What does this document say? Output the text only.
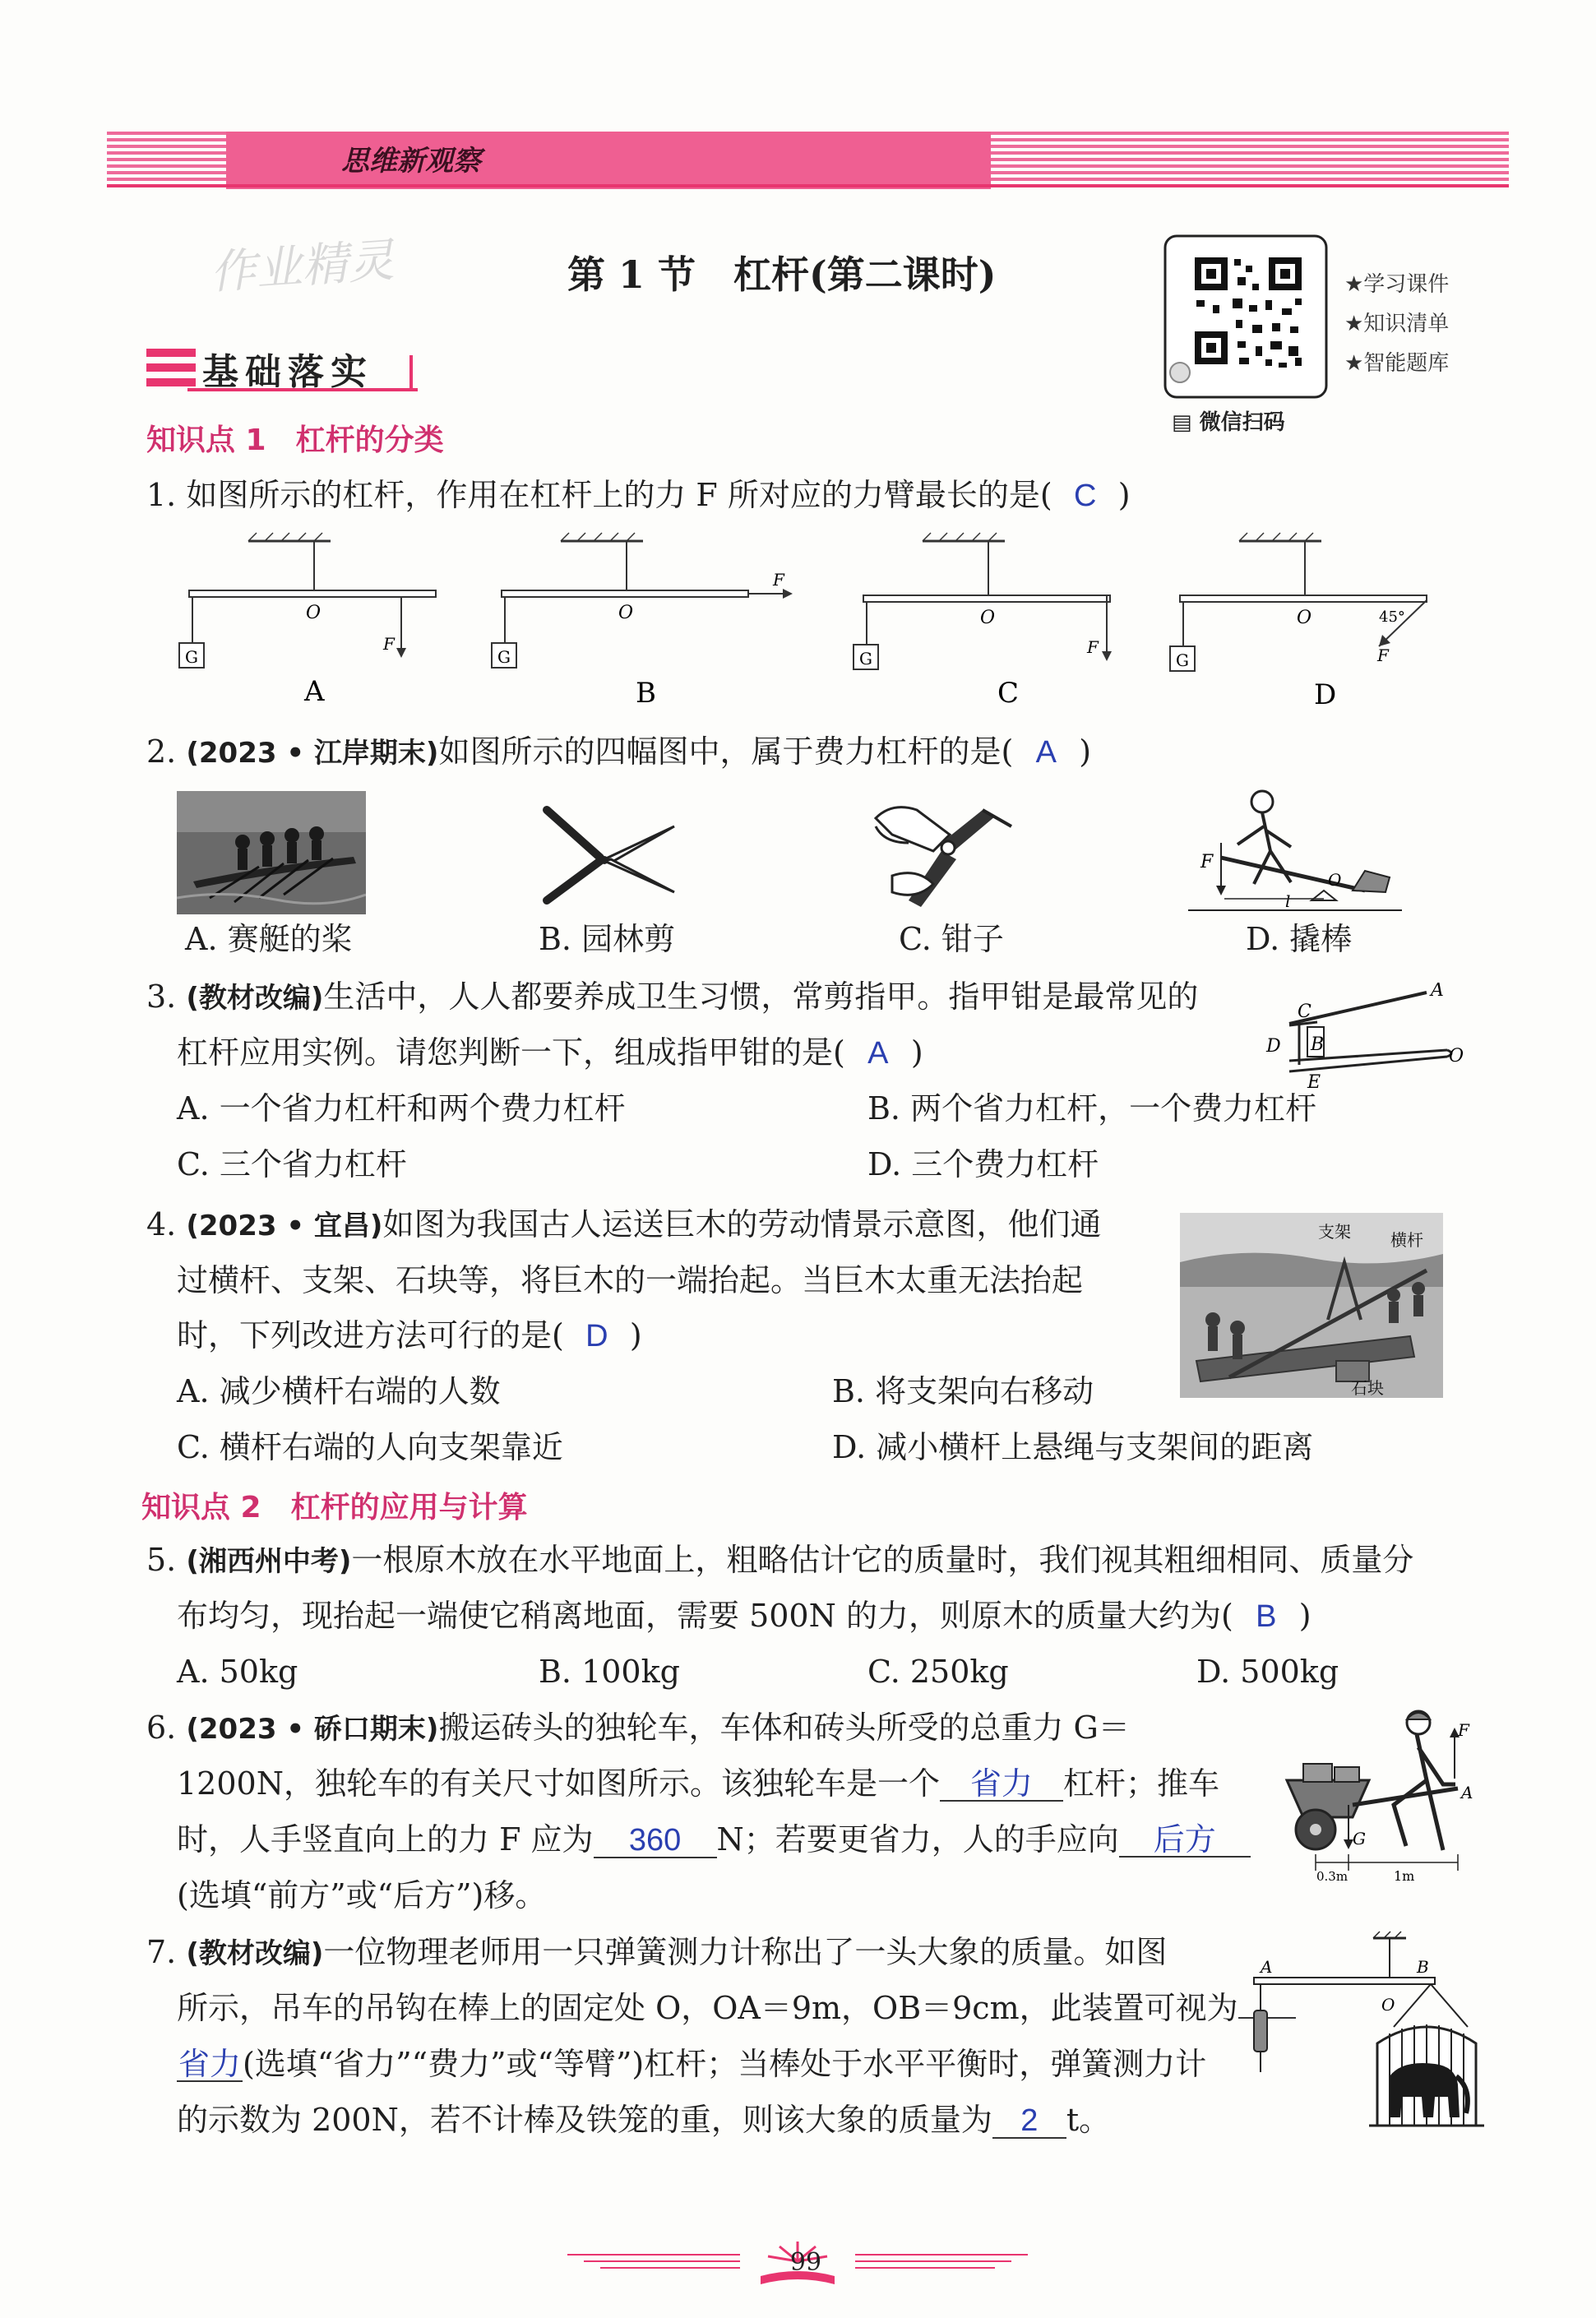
思维新观察
作业精灵	第 1 节　杠杆(第二课时)	★学习课件
★知识清单
★智能题库
▤ 微信扫码
基础落实
知识点 1　杠杆的分类
1. 如图所示的杠杆，作用在杠杆上的力 F 所对应的力臂最长的是( C )
O
G
F
O
G
F
O
G
F
O
G	F
45°
A	B	C	D
2. (2023 • 江岸期末)如图所示的四幅图中，属于费力杠杆的是( A )
F
l
O
A. 赛艇的桨	B. 园林剪	C. 钳子	D. 撬棒
3. (教材改编)生活中，人人都要养成卫生习惯，常剪指甲。指甲钳是最常见的
杠杆应用实例。请您判断一下，组成指甲钳的是( A )
A. 一个省力杠杆和两个费力杠杆	B. 两个省力杠杆，一个费力杠杆
C. 三个省力杠杆	D. 三个费力杠杆
A
B
C
D
E
O
4. (2023 • 宜昌)如图为我国古人运送巨木的劳动情景示意图，他们通
过横杆、支架、石块等，将巨木的一端抬起。当巨木太重无法抬起
时，下列改进方法可行的是( D )
A. 减少横杆右端的人数	B. 将支架向右移动
C. 横杆右端的人向支架靠近	D. 减小横杆上悬绳与支架间的距离
支架 横杆
石块
知识点 2　杠杆的应用与计算
5. (湘西州中考)一根原木放在水平地面上，粗略估计它的质量时，我们视其粗细相同、质量分
布均匀，现抬起一端使它稍离地面，需要 500N 的力，则原木的质量大约为( B )
A. 50kg	B. 100kg	C. 250kg	D. 500kg
6. (2023 • 硚口期末)搬运砖头的独轮车，车体和砖头所受的总重力 G＝
1200N，独轮车的有关尺寸如图所示。该独轮车是一个 省力 杠杆；推车
时，人手竖直向上的力 F 应为 360 N；若要更省力，人的手应向 后方
(选填“前方”或“后方”)移。
F
A
G
0.3m	1m
7. (教材改编)一位物理老师用一只弹簧测力计称出了一头大象的质量。如图
所示，吊车的吊钩在棒上的固定处 O，OA＝9m，OB＝9cm，此装置可视为
省力(选填“省力”“费力”或“等臂”)杠杆；当棒处于水平平衡时，弹簧测力计
的示数为 200N，若不计棒及铁笼的重，则该大象的质量为 2 t。
A	B
O
99
